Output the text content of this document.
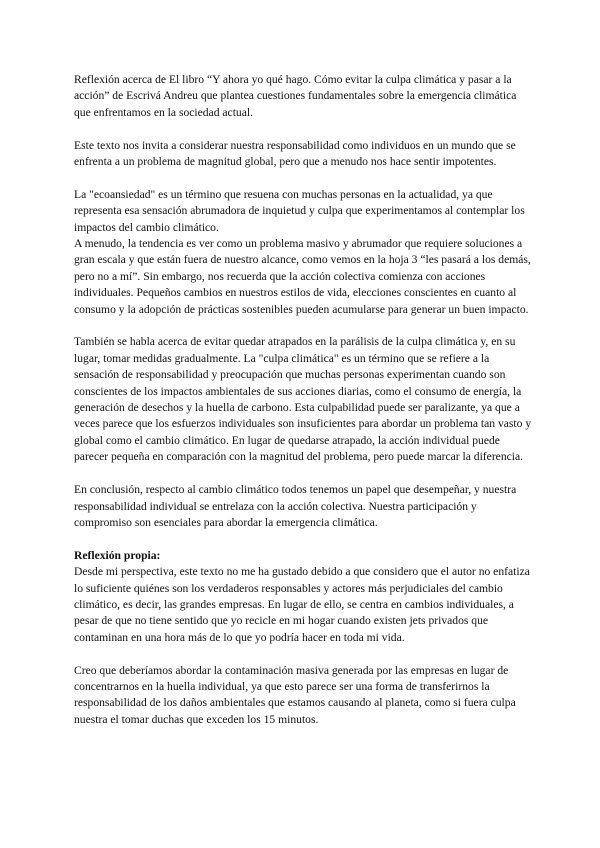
Reflexión acerca de El libro “Y ahora yo qué hago. Cómo evitar la culpa climática y pasar a la acción” de Escrivá Andreu que plantea cuestiones fundamentales sobre la emergencia climática que enfrentamos en la sociedad actual.

Este texto nos invita a considerar nuestra responsabilidad como individuos en un mundo que se enfrenta a un problema de magnitud global, pero que a menudo nos hace sentir impotentes.

La "ecoansiedad" es un término que resuena con muchas personas en la actualidad, ya que representa esa sensación abrumadora de inquietud y culpa que experimentamos al contemplar los impactos del cambio climático.

A menudo, la tendencia es ver como un problema masivo y abrumador que requiere soluciones a gran escala y que están fuera de nuestro alcance, como vemos en la hoja 3 “les pasará a los demás, pero no a mí”. Sin embargo, nos recuerda que la acción colectiva comienza con acciones individuales. Pequeños cambios en nuestros estilos de vida, elecciones conscientes en cuanto al consumo y la adopción de prácticas sostenibles pueden acumularse para generar un buen impacto.

También se habla acerca de evitar quedar atrapados en la parálisis de la culpa climática y, en su lugar, tomar medidas gradualmente. La "culpa climática" es un término que se refiere a la sensación de responsabilidad y preocupación que muchas personas experimentan cuando son conscientes de los impactos ambientales de sus acciones diarias, como el consumo de energía, la generación de desechos y la huella de carbono. Esta culpabilidad puede ser paralizante, ya que a veces parece que los esfuerzos individuales son insuficientes para abordar un problema tan vasto y global como el cambio climático. En lugar de quedarse atrapado, la acción individual puede parecer pequeña en comparación con la magnitud del problema, pero puede marcar la diferencia.

En conclusión, respecto al cambio climático todos tenemos un papel que desempeñar, y nuestra responsabilidad individual se entrelaza con la acción colectiva. Nuestra participación y compromiso son esenciales para abordar la emergencia climática.

Reflexión propia:

Desde mi perspectiva, este texto no me ha gustado debido a que considero que el autor no enfatiza lo suficiente quiénes son los verdaderos responsables y actores más perjudiciales del cambio climático, es decir, las grandes empresas. En lugar de ello, se centra en cambios individuales, a pesar de que no tiene sentido que yo recicle en mi hogar cuando existen jets privados que contaminan en una hora más de lo que yo podría hacer en toda mi vida.

Creo que deberíamos abordar la contaminación masiva generada por las empresas en lugar de concentrarnos en la huella individual, ya que esto parece ser una forma de transferirnos la responsabilidad de los daños ambientales que estamos causando al planeta, como si fuera culpa nuestra el tomar duchas que exceden los 15 minutos.
